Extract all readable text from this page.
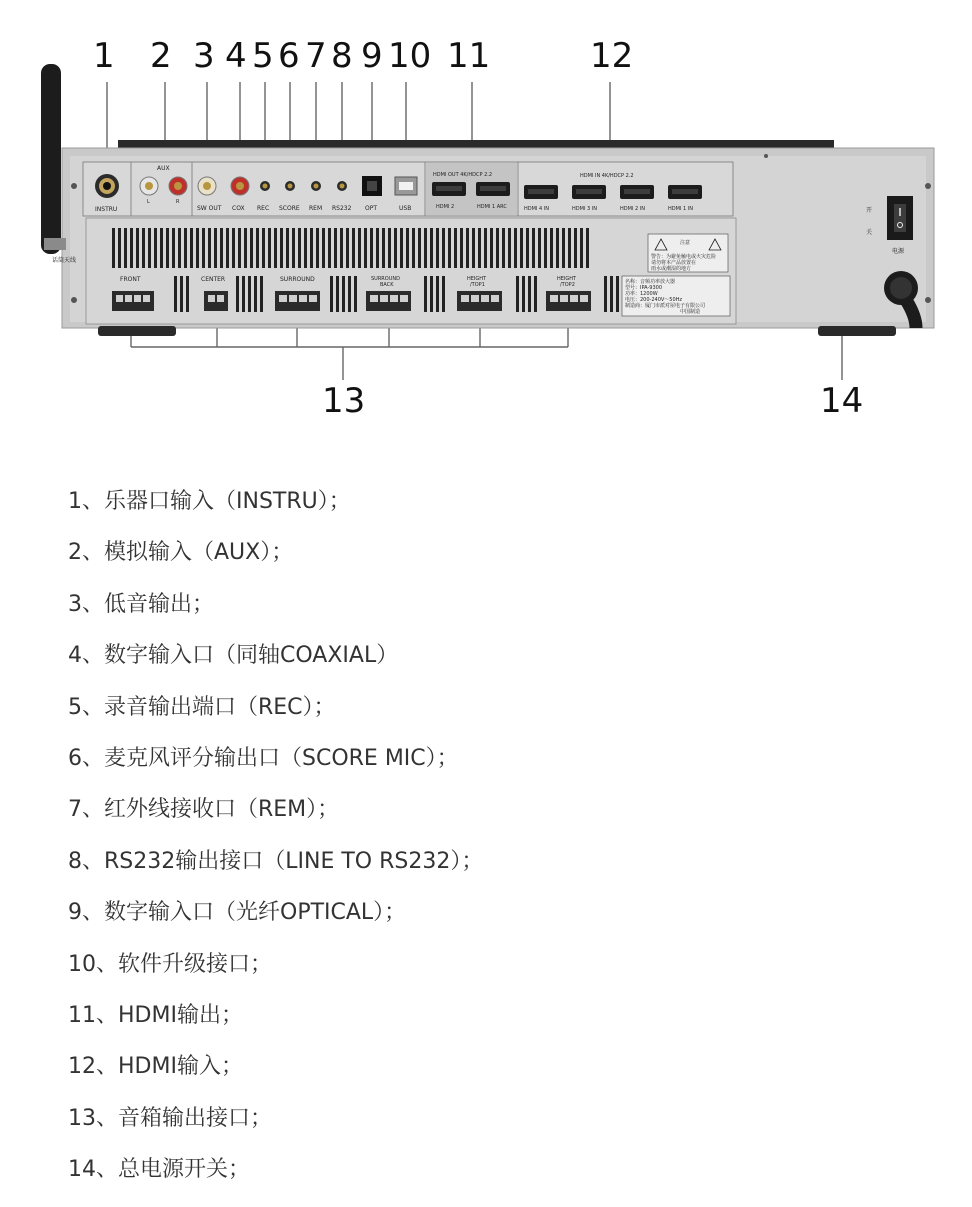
1 2 3 4 5 6 7 8 9 10 11	12
13	14
话筒天线
INSTRU
AUX
L	R
SW OUT COX REC SCORE REM RS232 OPT	USB
HDMI OUT 4K/HDCP 2.2
HDMI 2	HDMI 1 ARC
HDMI IN 4K/HDCP 2.2
HDMI 4 IN	HDMI 3 IN	HDMI 2 IN	HDMI 1 IN
注意
警告：为避免触电或火灾危险
请勿将本产品放置在
雨水或潮湿的地方
名称：音频功率放大器
型号：IPA-9300
功率：1200W
电压：200-240V～50Hz
制造商：厦门市派对屋电子有限公司
中国制造
FRONT	CENTER	SURROUND	SURROUND
BACK
HEIGHT
/TOP1
HEIGHT
/TOP2
开
关
电源
1、乐器口输入（INSTRU）；
2、模拟输入（AUX）；
3、低音输出；
4、数字输入口（同轴COAXIAL）
5、录音输出端口（REC）；
6、麦克风评分输出口（SCORE MIC）；
7、红外线接收口（REM）；
8、RS232输出接口（LINE TO RS232）；
9、数字输入口（光纤OPTICAL）；
10、软件升级接口；
11、HDMI输出；
12、HDMI输入；
13、音箱输出接口；
14、总电源开关；
